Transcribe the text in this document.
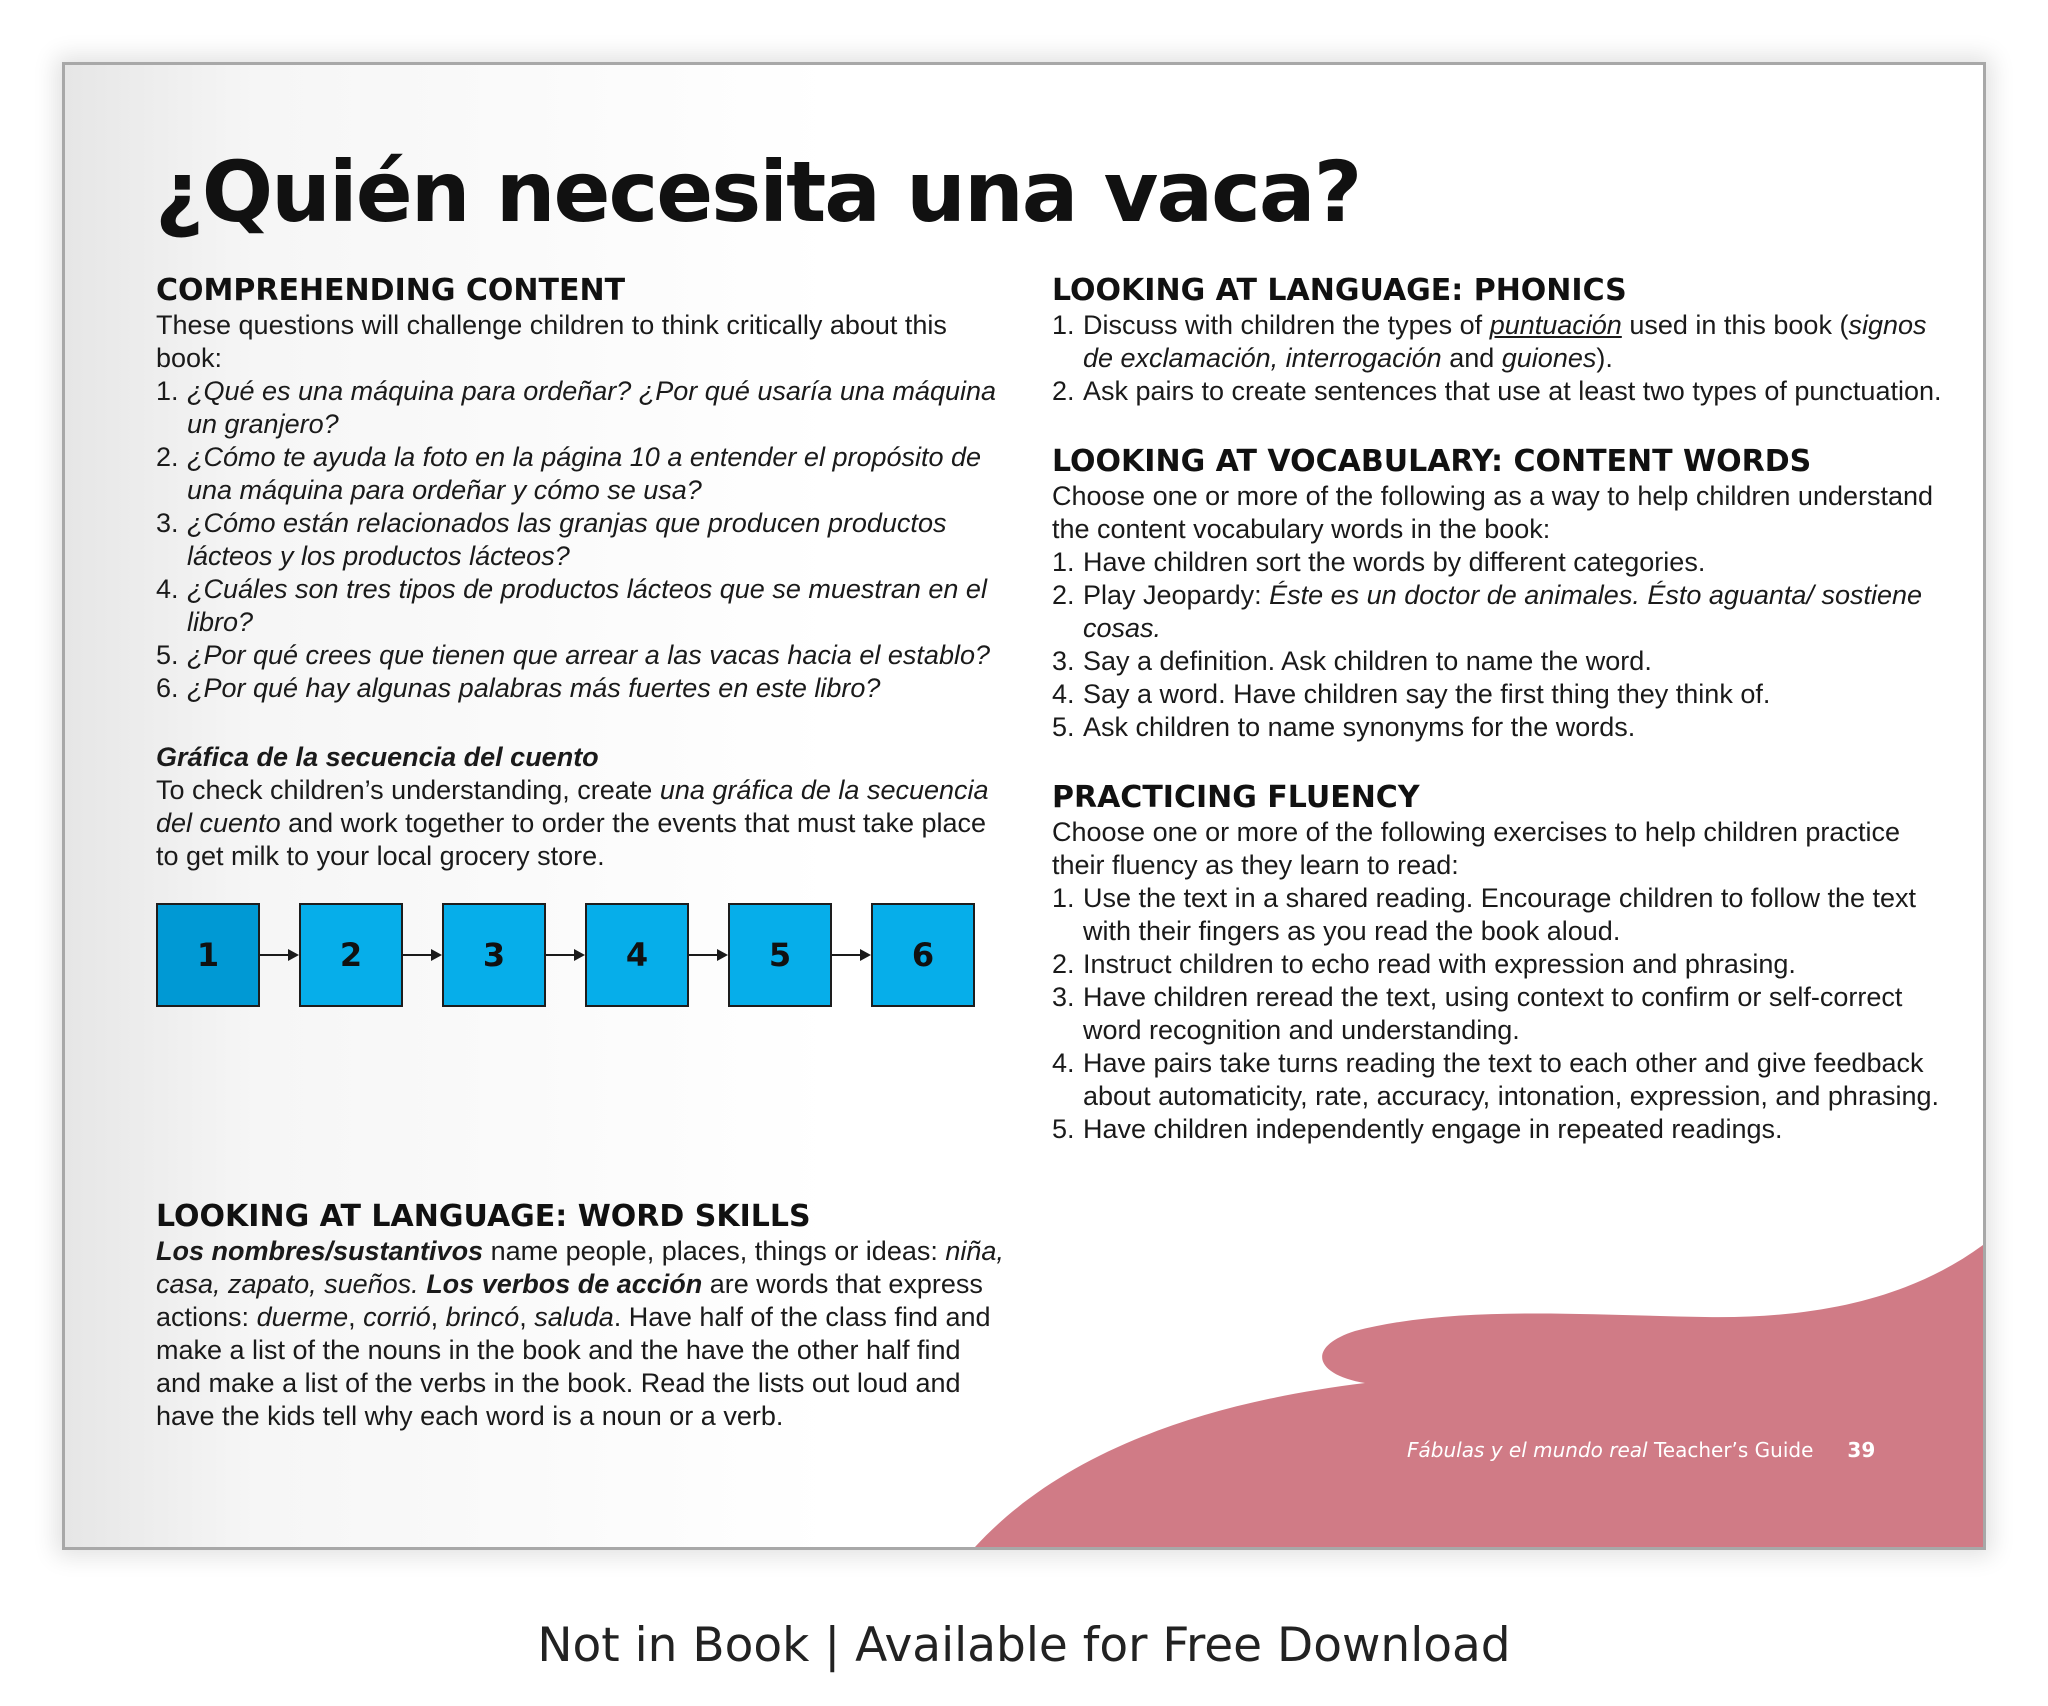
¿Quién necesita una vaca?
COMPREHENDING CONTENT

These questions will challenge children to think critically about this book:

1. ¿Qué es una máquina para ordeñar? ¿Por qué usaría una máquina un granjero?
2. ¿Cómo te ayuda la foto en la página 10 a entender el propósito de una máquina para ordeñar y cómo se usa?
3. ¿Cómo están relacionados las granjas que producen productos lácteos y los productos lácteos?
4. ¿Cuáles son tres tipos de productos lácteos que se muestran en el libro?
5. ¿Por qué crees que tienen que arrear a las vacas hacia el establo?
6. ¿Por qué hay algunas palabras más fuertes en este libro?

Gráfica de la secuencia del cuento

To check children’s understanding, create una gráfica de la secuencia del cuento and work together to order the events that must take place to get milk to your local grocery store.

1	2	3	4	5	6
LOOKING AT LANGUAGE: WORD SKILLS

Los nombres/sustantivos name people, places, things or ideas: niña, casa, zapato, sueños. Los verbos de acción are words that express actions: duerme, corrió, brincó, saluda. Have half of the class find and make a list of the nouns in the book and the have the other half find and make a list of the verbs in the book. Read the lists out loud and have the kids tell why each word is a noun or a verb.

LOOKING AT LANGUAGE: PHONICS
1. Discuss with children the types of puntuación used in this book (signos de exclamación, interrogación and guiones).
2. Ask pairs to create sentences that use at least two types of punctuation.
LOOKING AT VOCABULARY: CONTENT WORDS

Choose one or more of the following as a way to help children understand the content vocabulary words in the book:

1. Have children sort the words by different categories.
2. Play Jeopardy: Éste es un doctor de animales. Ésto aguanta/ sostiene cosas.
3. Say a definition. Ask children to name the word.
4. Say a word. Have children say the first thing they think of.
5. Ask children to name synonyms for the words.
PRACTICING FLUENCY

Choose one or more of the following exercises to help children practice their fluency as they learn to read:

1. Use the text in a shared reading. Encourage children to follow the text with their fingers as you read the book aloud.
2. Instruct children to echo read with expression and phrasing.
3. Have children reread the text, using context to confirm or self-correct word recognition and understanding.
4. Have pairs take turns reading the text to each other and give feedback about automaticity, rate, accuracy, intonation, expression, and phrasing.
5. Have children independently engage in repeated readings.
Fábulas y el mundo real Teacher’s Guide 39
Not in Book | Available for Free Download
